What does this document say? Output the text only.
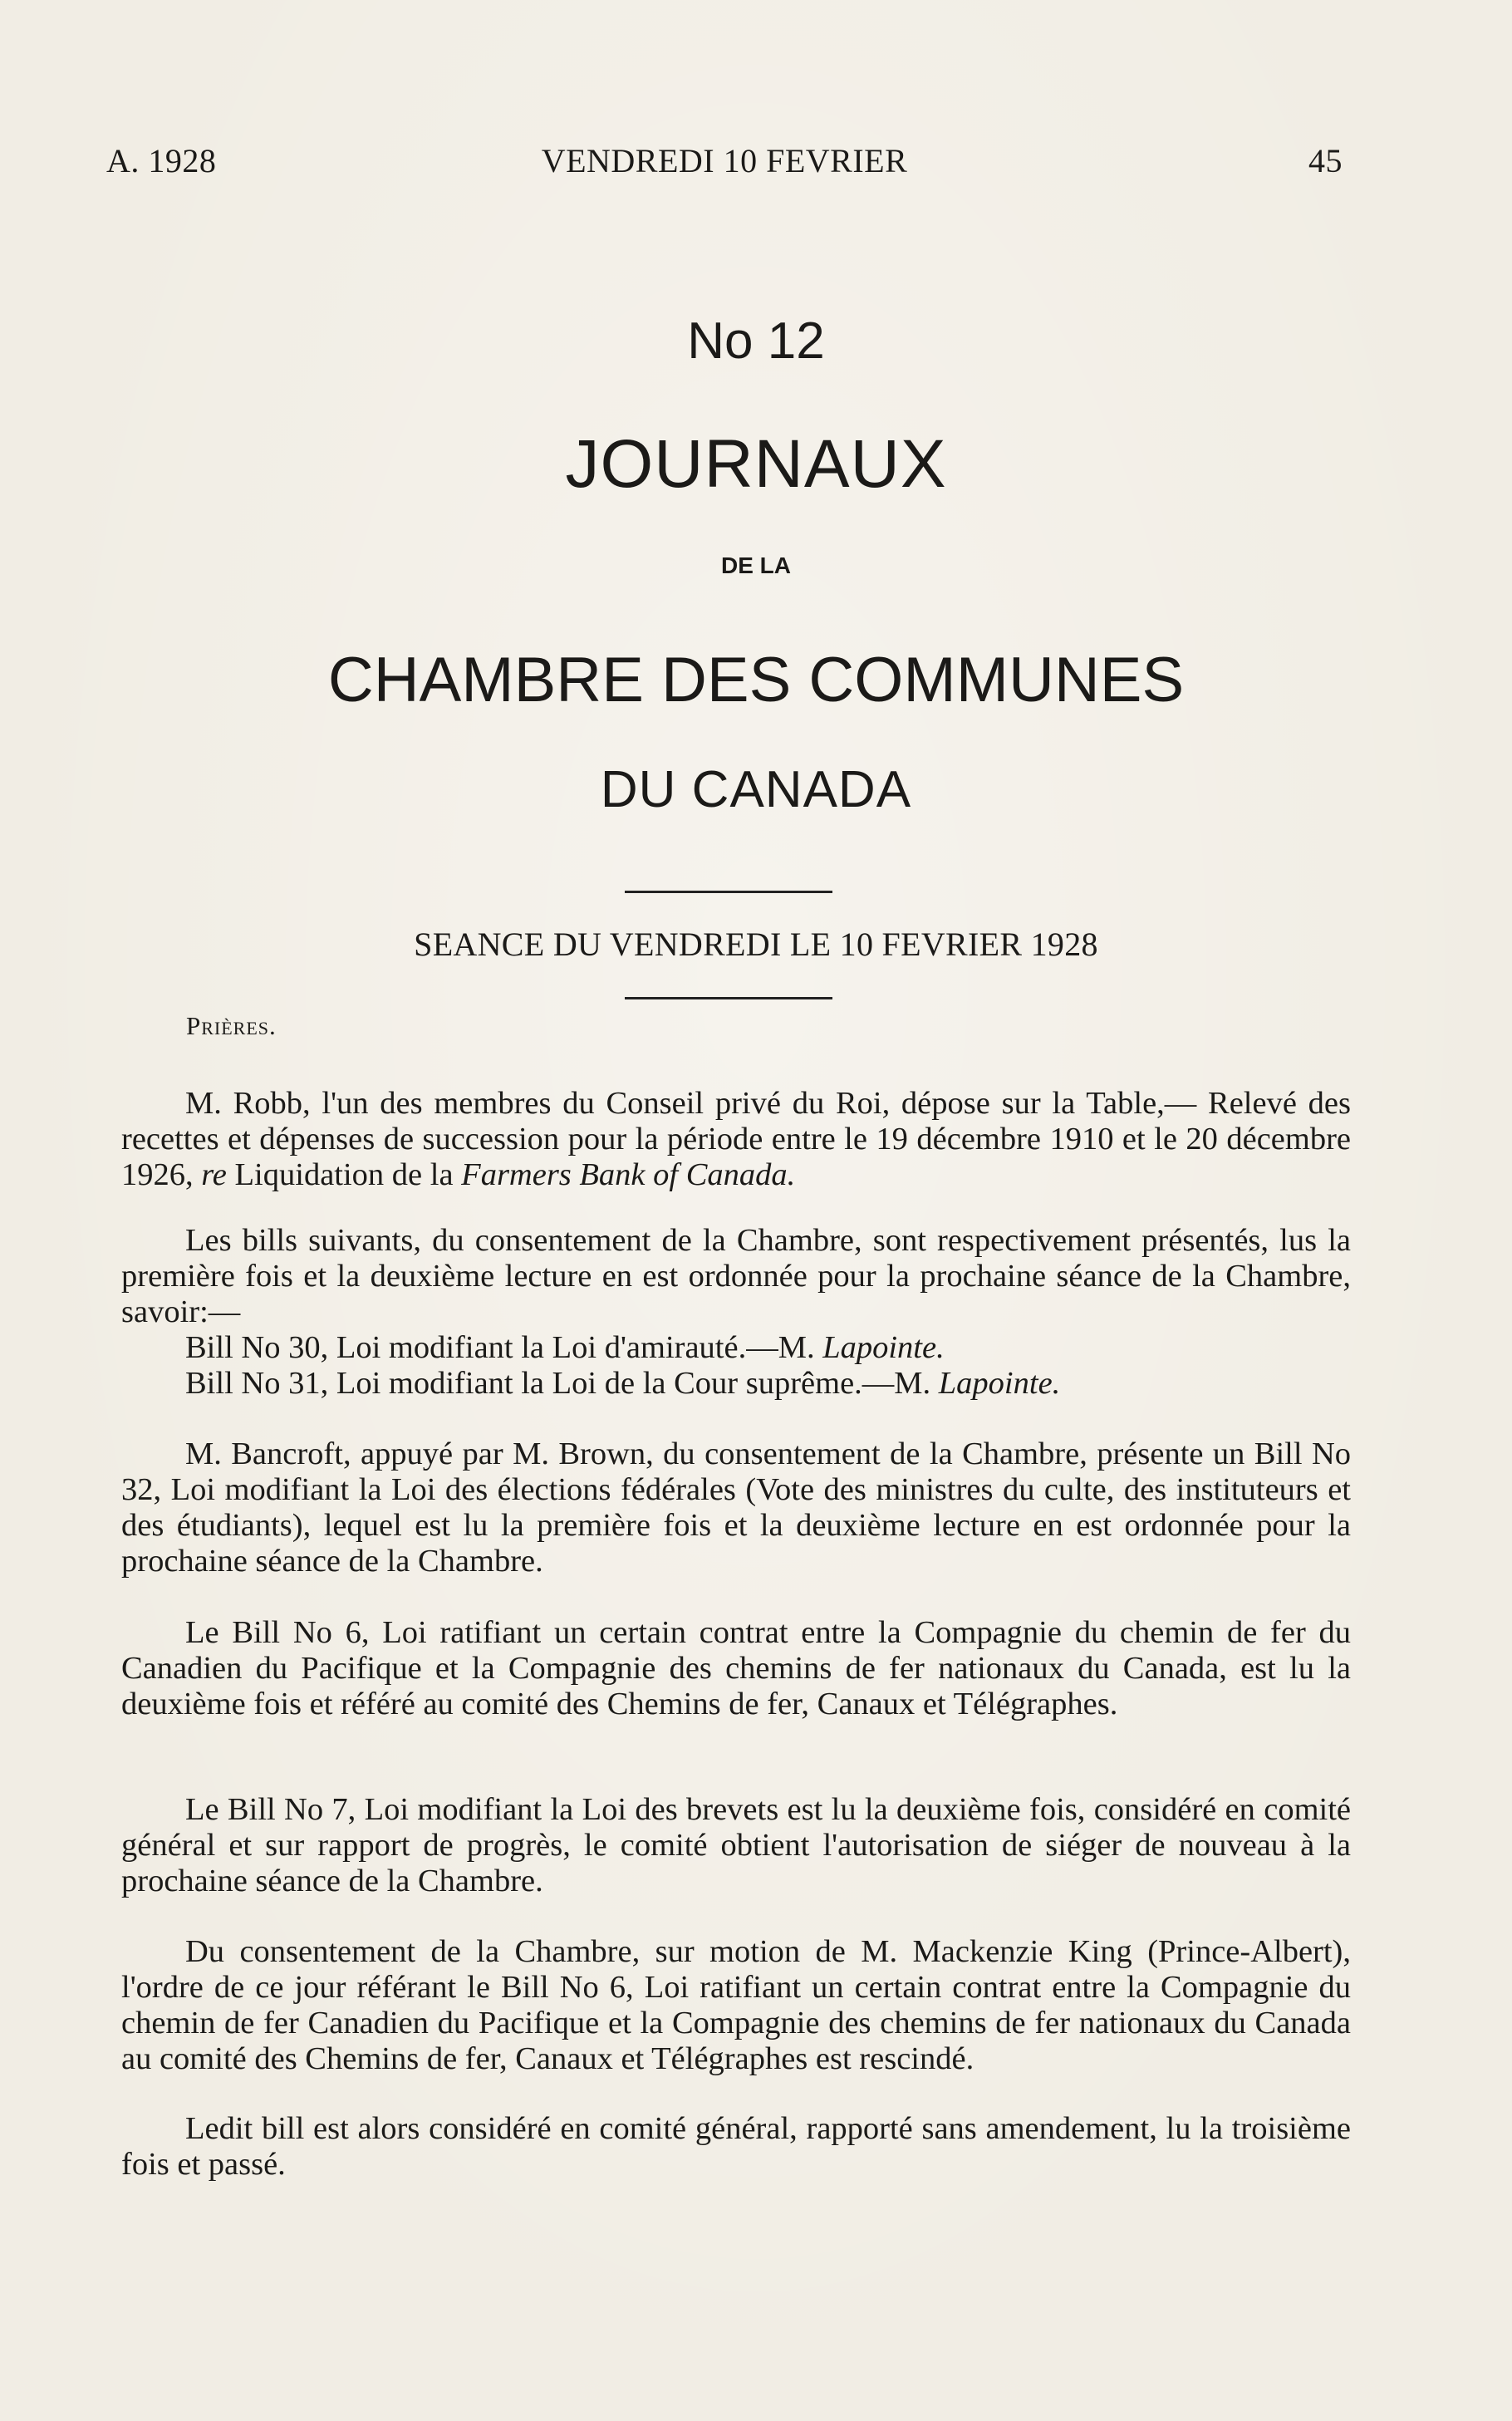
A. 1928	VENDREDI 10 FEVRIER	45
No 12
JOURNAUX
DE LA
CHAMBRE DES COMMUNES
DU CANADA
SEANCE DU VENDREDI LE 10 FEVRIER 1928
Prières.
M. Robb, l'un des membres du Conseil privé du Roi, dépose sur la Table,— Relevé des recettes et dépenses de succession pour la période entre le 19 décembre 1910 et le 20 décembre 1926, re Liquidation de la Farmers Bank of Canada.
Les bills suivants, du consentement de la Chambre, sont respectivement présentés, lus la première fois et la deuxième lecture en est ordonnée pour la prochaine séance de la Chambre, savoir:—
Bill No 30, Loi modifiant la Loi d'amirauté.—M. Lapointe.
Bill No 31, Loi modifiant la Loi de la Cour suprême.—M. Lapointe.
M. Bancroft, appuyé par M. Brown, du consentement de la Chambre, présente un Bill No 32, Loi modifiant la Loi des élections fédérales (Vote des ministres du culte, des instituteurs et des étudiants), lequel est lu la première fois et la deuxième lecture en est ordonnée pour la prochaine séance de la Chambre.
Le Bill No 6, Loi ratifiant un certain contrat entre la Compagnie du chemin de fer du Canadien du Pacifique et la Compagnie des chemins de fer nationaux du Canada, est lu la deuxième fois et référé au comité des Chemins de fer, Canaux et Télégraphes.
Le Bill No 7, Loi modifiant la Loi des brevets est lu la deuxième fois, considéré en comité général et sur rapport de progrès, le comité obtient l'autorisation de siéger de nouveau à la prochaine séance de la Chambre.
Du consentement de la Chambre, sur motion de M. Mackenzie King (Prince-Albert), l'ordre de ce jour référant le Bill No 6, Loi ratifiant un certain contrat entre la Compagnie du chemin de fer Canadien du Pacifique et la Compagnie des chemins de fer nationaux du Canada au comité des Chemins de fer, Canaux et Télégraphes est rescindé.
Ledit bill est alors considéré en comité général, rapporté sans amendement, lu la troisième fois et passé.
